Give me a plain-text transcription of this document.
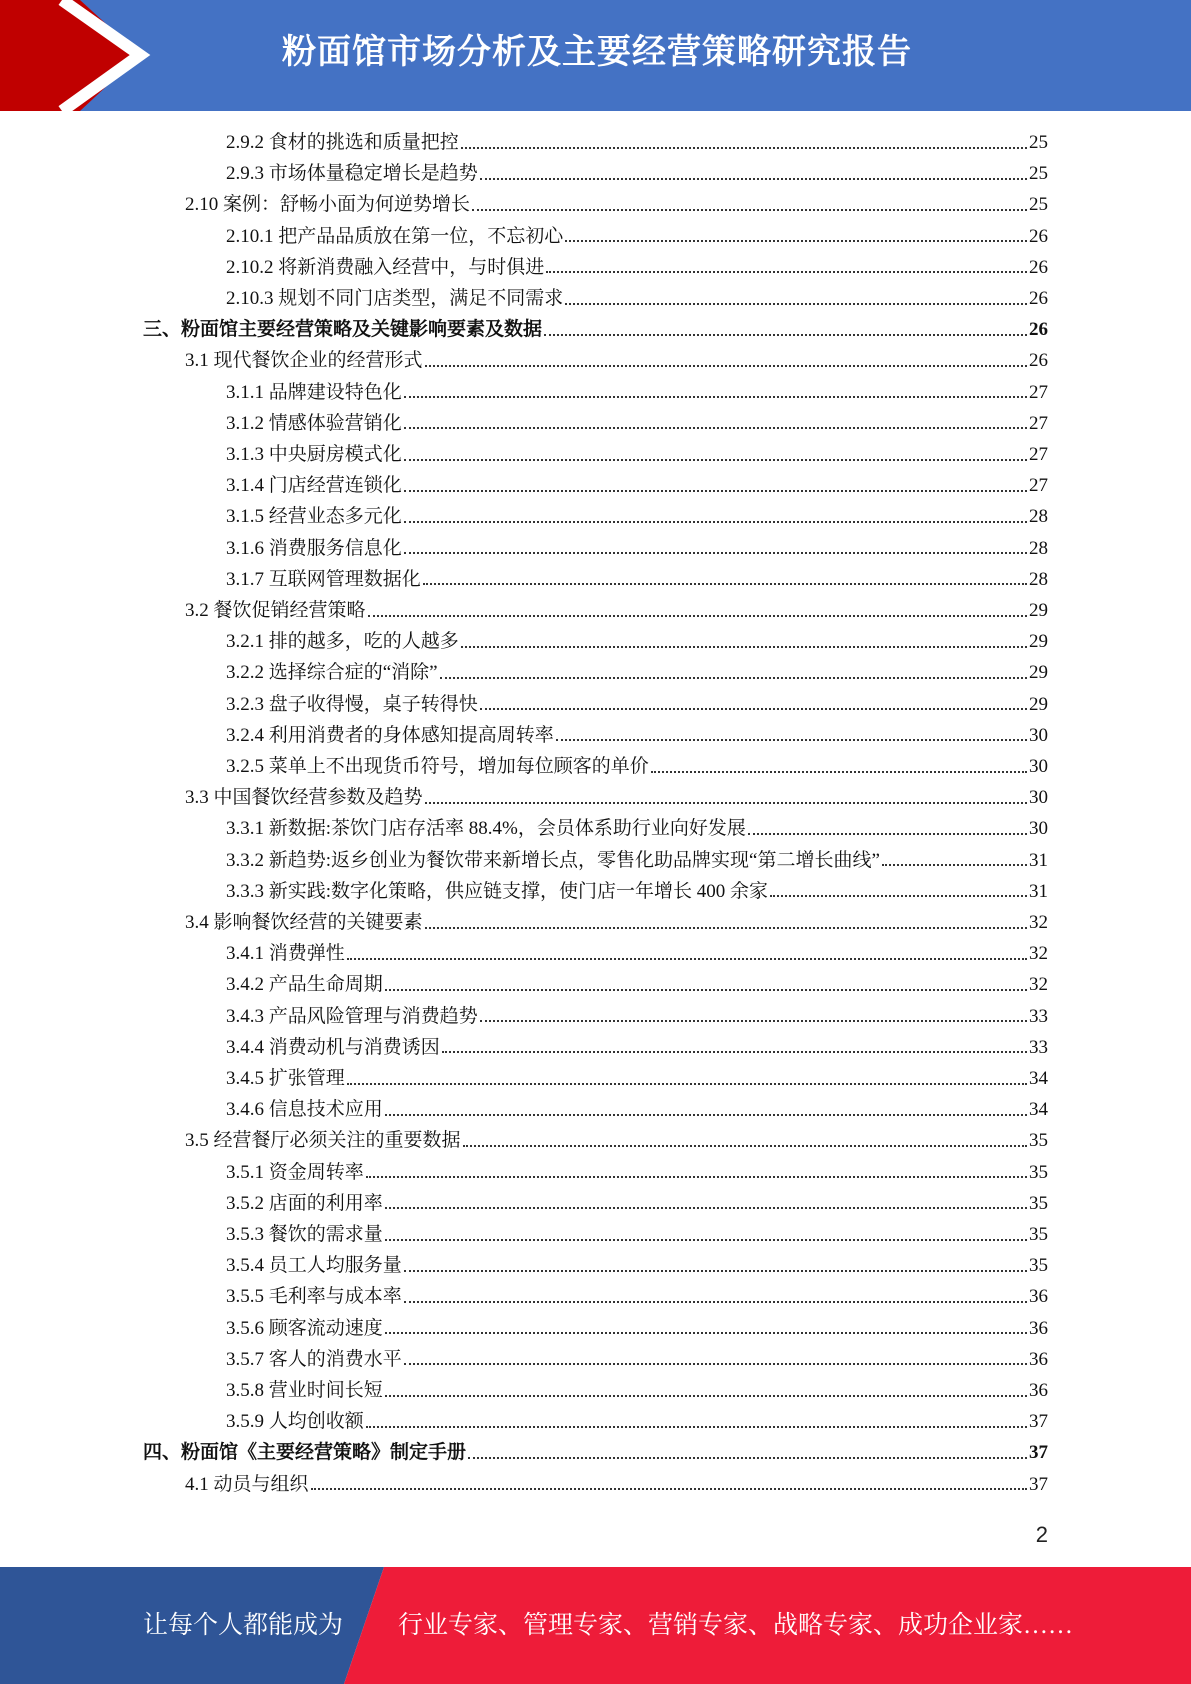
粉面馆市场分析及主要经营策略研究报告
2.9.2 食材的挑选和质量把控	25
2.9.3 市场体量稳定增长是趋势	25
2.10 案例：舒畅小面为何逆势增长	25
2.10.1 把产品品质放在第一位，不忘初心	26
2.10.2 将新消费融入经营中，与时俱进	26
2.10.3 规划不同门店类型，满足不同需求	26
三、粉面馆主要经营策略及关键影响要素及数据	26
3.1 现代餐饮企业的经营形式	26
3.1.1 品牌建设特色化	27
3.1.2 情感体验营销化	27
3.1.3 中央厨房模式化	27
3.1.4 门店经营连锁化	27
3.1.5 经营业态多元化	28
3.1.6 消费服务信息化	28
3.1.7 互联网管理数据化	28
3.2 餐饮促销经营策略	29
3.2.1 排的越多，吃的人越多	29
3.2.2 选择综合症的“消除”	29
3.2.3 盘子收得慢，桌子转得快	29
3.2.4 利用消费者的身体感知提高周转率	30
3.2.5 菜单上不出现货币符号，增加每位顾客的单价	30
3.3 中国餐饮经营参数及趋势	30
3.3.1 新数据:茶饮门店存活率 88.4%，会员体系助行业向好发展	30
3.3.2 新趋势:返乡创业为餐饮带来新增长点，零售化助品牌实现“第二增长曲线”	31
3.3.3 新实践:数字化策略，供应链支撑，使门店一年增长 400 余家	31
3.4 影响餐饮经营的关键要素	32
3.4.1 消费弹性	32
3.4.2 产品生命周期	32
3.4.3 产品风险管理与消费趋势	33
3.4.4 消费动机与消费诱因	33
3.4.5 扩张管理	34
3.4.6 信息技术应用	34
3.5 经营餐厅必须关注的重要数据	35
3.5.1 资金周转率	35
3.5.2 店面的利用率	35
3.5.3 餐饮的需求量	35
3.5.4 员工人均服务量	35
3.5.5 毛利率与成本率	36
3.5.6 顾客流动速度	36
3.5.7 客人的消费水平	36
3.5.8 营业时间长短	36
3.5.9 人均创收额	37
四、粉面馆《主要经营策略》制定手册	37
4.1 动员与组织	37
2
让每个人都能成为 行业专家、管理专家、营销专家、战略专家、成功企业家……
